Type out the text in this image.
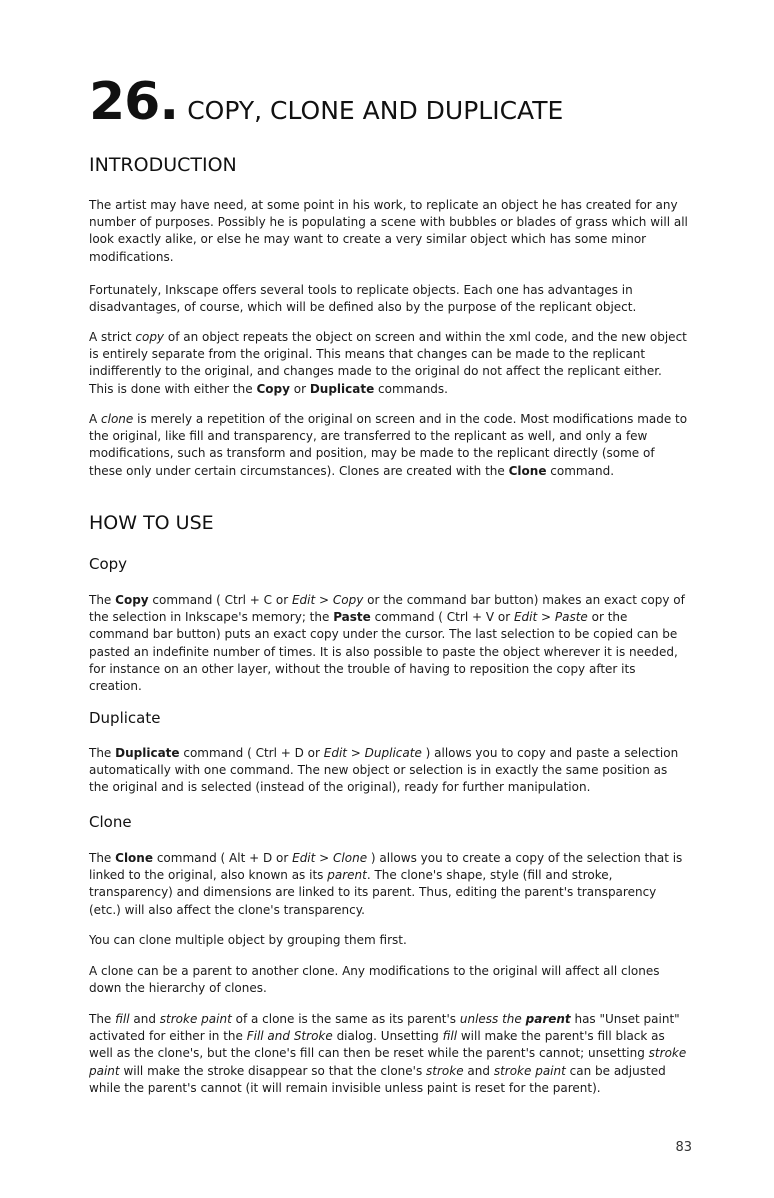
26. COPY, CLONE AND DUPLICATE
INTRODUCTION

The artist may have need, at some point in his work, to replicate an object he has created for any number of purposes. Possibly he is populating a scene with bubbles or blades of grass which will all look exactly alike, or else he may want to create a very similar object which has some minor modifications.

Fortunately, Inkscape offers several tools to replicate objects. Each one has advantages in disadvantages, of course, which will be defined also by the purpose of the replicant object.

A strict copy of an object repeats the object on screen and within the xml code, and the new object is entirely separate from the original. This means that changes can be made to the replicant indifferently to the original, and changes made to the original do not affect the replicant either. This is done with either the Copy or Duplicate commands.

A clone is merely a repetition of the original on screen and in the code. Most modifications made to the original, like fill and transparency, are transferred to the replicant as well, and only a few modifications, such as transform and position, may be made to the replicant directly (some of these only under certain circumstances). Clones are created with the Clone command.

HOW TO USE
Copy

The Copy command ( Ctrl + C or Edit > Copy or the command bar button) makes an exact copy of the selection in Inkscape's memory; the Paste command ( Ctrl + V or Edit > Paste or the command bar button) puts an exact copy under the cursor. The last selection to be copied can be pasted an indefinite number of times. It is also possible to paste the object wherever it is needed, for instance on an other layer, without the trouble of having to reposition the copy after its creation.

Duplicate

The Duplicate command ( Ctrl + D or Edit > Duplicate ) allows you to copy and paste a selection automatically with one command. The new object or selection is in exactly the same position as the original and is selected (instead of the original), ready for further manipulation.

Clone

The Clone command ( Alt + D or Edit > Clone ) allows you to create a copy of the selection that is linked to the original, also known as its parent. The clone's shape, style (fill and stroke, transparency) and dimensions are linked to its parent. Thus, editing the parent's transparency (etc.) will also affect the clone's transparency.

You can clone multiple object by grouping them first.

A clone can be a parent to another clone. Any modifications to the original will affect all clones down the hierarchy of clones.

The fill and stroke paint of a clone is the same as its parent's unless the parent has "Unset paint" activated for either in the Fill and Stroke dialog. Unsetting fill will make the parent's fill black as well as the clone's, but the clone's fill can then be reset while the parent's cannot; unsetting stroke paint will make the stroke disappear so that the clone's stroke and stroke paint can be adjusted while the parent's cannot (it will remain invisible unless paint is reset for the parent).

83
